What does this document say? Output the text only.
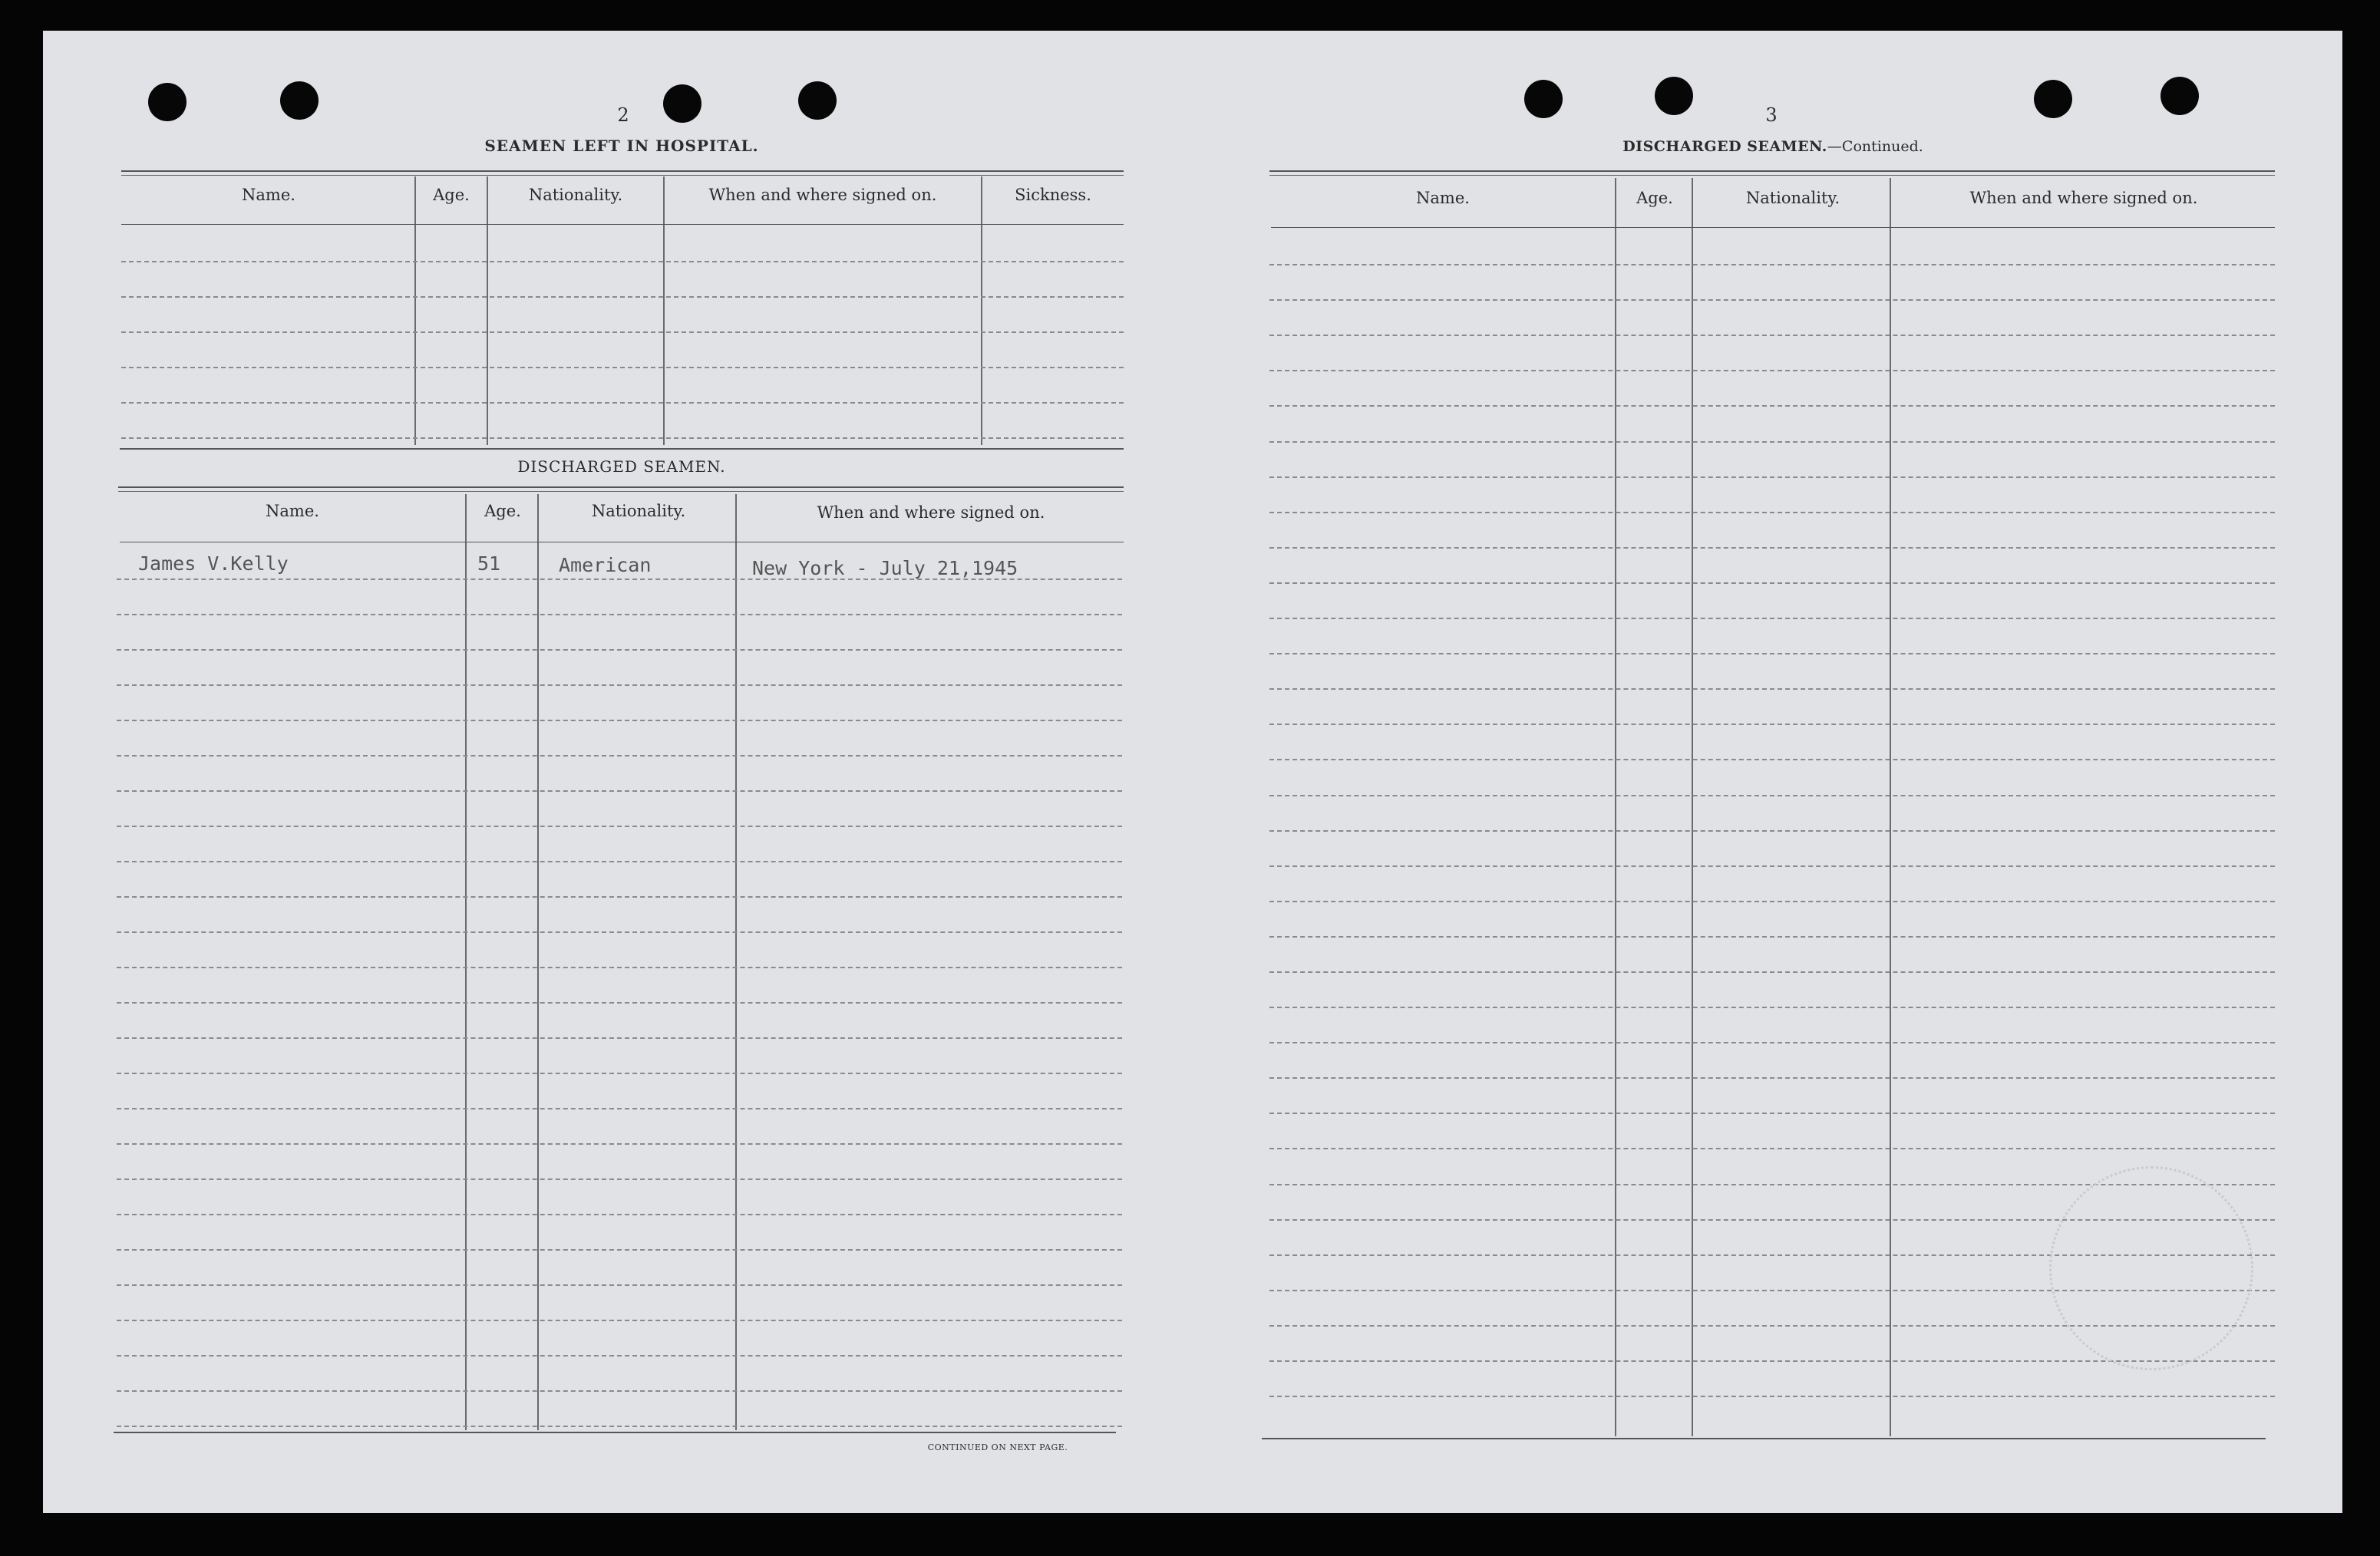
2
SEAMEN LEFT IN HOSPITAL.
Name.	Age.	Nationality.	When and where signed on.	Sickness.
DISCHARGED SEAMEN.
Name.	Age.	Nationality.	When and where signed on.
James V.Kelly	51	American	New York - July 21,1945
CONTINUED ON NEXT PAGE.
3
DISCHARGED SEAMEN.—Continued.
Name.	Age.	Nationality.	When and where signed on.
